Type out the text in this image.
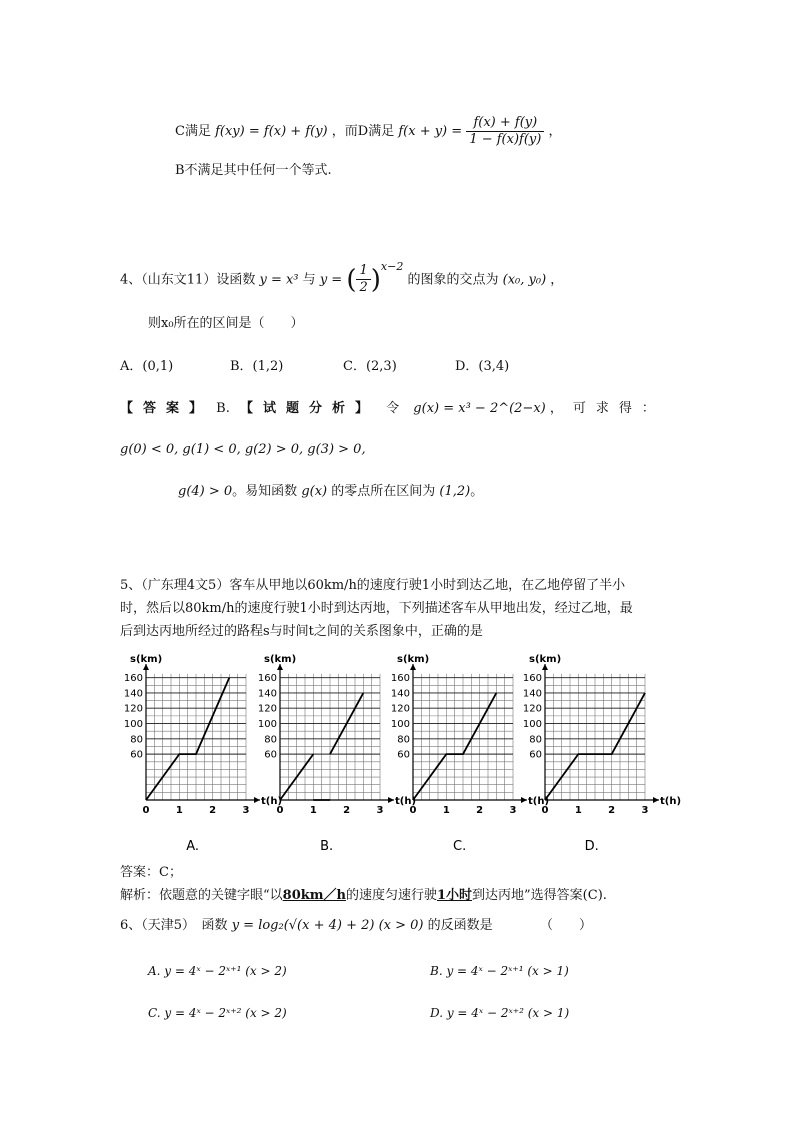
C满足 f(xy) = f(x) + f(y) ，而D满足 $f(x + y) = \frac{f(x) + f(y)}{1 - f(x)f(y)}$ ，
B不满足其中任何一个等式.
4、（山东文11）设函数 y = x³ 与 y = ( $\frac{1}{2} )^{x-2}$ 的图象的交点为 (x₀, y₀) ，
则x₀所在的区间是（　　）
A．(0,1)	B．(1,2)	C．(2,3)	D．(3,4)
【答案】 B. 【试题分析】 令 g(x) = x³ − 2^(2−x) ，可求得：
g(0) < 0, g(1) < 0, g(2) > 0, g(3) > 0,
g(4) > 0。易知函数 g(x) 的零点所在区间为 (1,2)。
5、（广东理4文5）客车从甲地以60km/h的速度行驶1小时到达乙地，在乙地停留了半小
时，然后以80km/h的速度行驶1小时到达丙地，下列描述客车从甲地出发，经过乙地，最
后到达丙地所经过的路程s与时间t之间的关系图象中，正确的是
s(km)
t(h)
60
80
100
120
140
160
0	1	2	3
A.
s(km)
t(h)
60
80
100
120
140
160
0	1	2	3
B.
s(km)
t(h)
60
80
100
120
140
160
0	1	2	3
C.
s(km)
t(h)
60
80
100
120
140
160
0	1	2	3
D.
答案：C；
解析：依题意的关键字眼“以80km／h的速度匀速行驶1小时到达丙地”选得答案(C).
6、（天津5）　函数 y = log₂(√(x + 4) + 2) (x > 0) 的反函数是	（　　）
A. y = 4ˣ − 2ˣ⁺¹ (x > 2)	B. y = 4ˣ − 2ˣ⁺¹ (x > 1)
C. y = 4ˣ − 2ˣ⁺² (x > 2)	D. y = 4ˣ − 2ˣ⁺² (x > 1)
